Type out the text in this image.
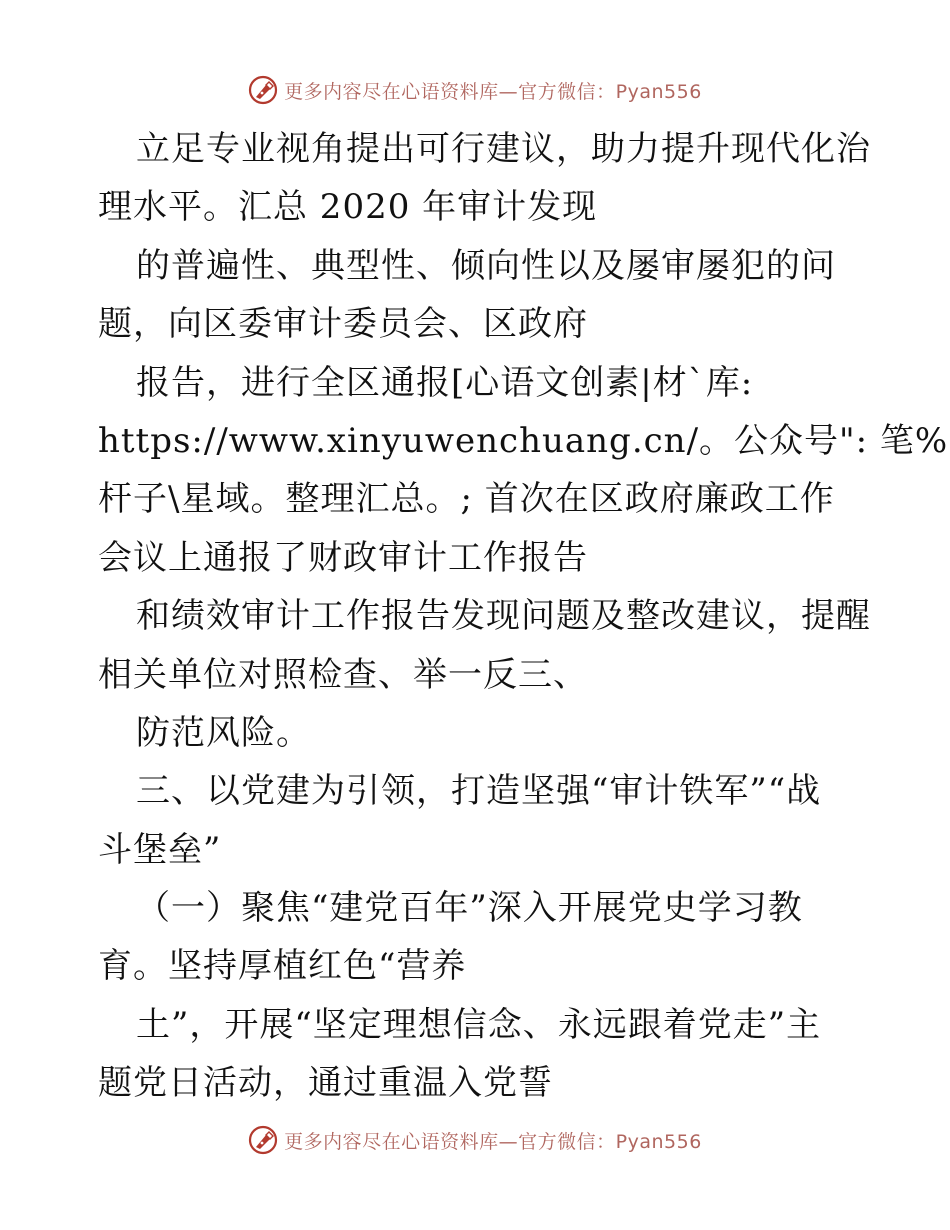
更多内容尽在心语资料库—官方微信：Pyan556
立足专业视角提出可行建议，助力提升现代化治
理水平。汇总 2020 年审计发现
的普遍性、典型性、倾向性以及屡审屡犯的问
题，向区委审计委员会、区政府
报告，进行全区通报[心语文创素|材`库:
https://www.xinyuwenchuang.cn/。公众号": 笔%
杆子\星域。整理汇总。; 首次在区政府廉政工作
会议上通报了财政审计工作报告
和绩效审计工作报告发现问题及整改建议，提醒
相关单位对照检查、举一反三、
防范风险。
三、以党建为引领，打造坚强“审计铁军”“战
斗堡垒”
（一）聚焦“建党百年”深入开展党史学习教
育。坚持厚植红色“营养
土”，开展“坚定理想信念、永远跟着党走”主
题党日活动，通过重温入党誓
更多内容尽在心语资料库—官方微信：Pyan556
